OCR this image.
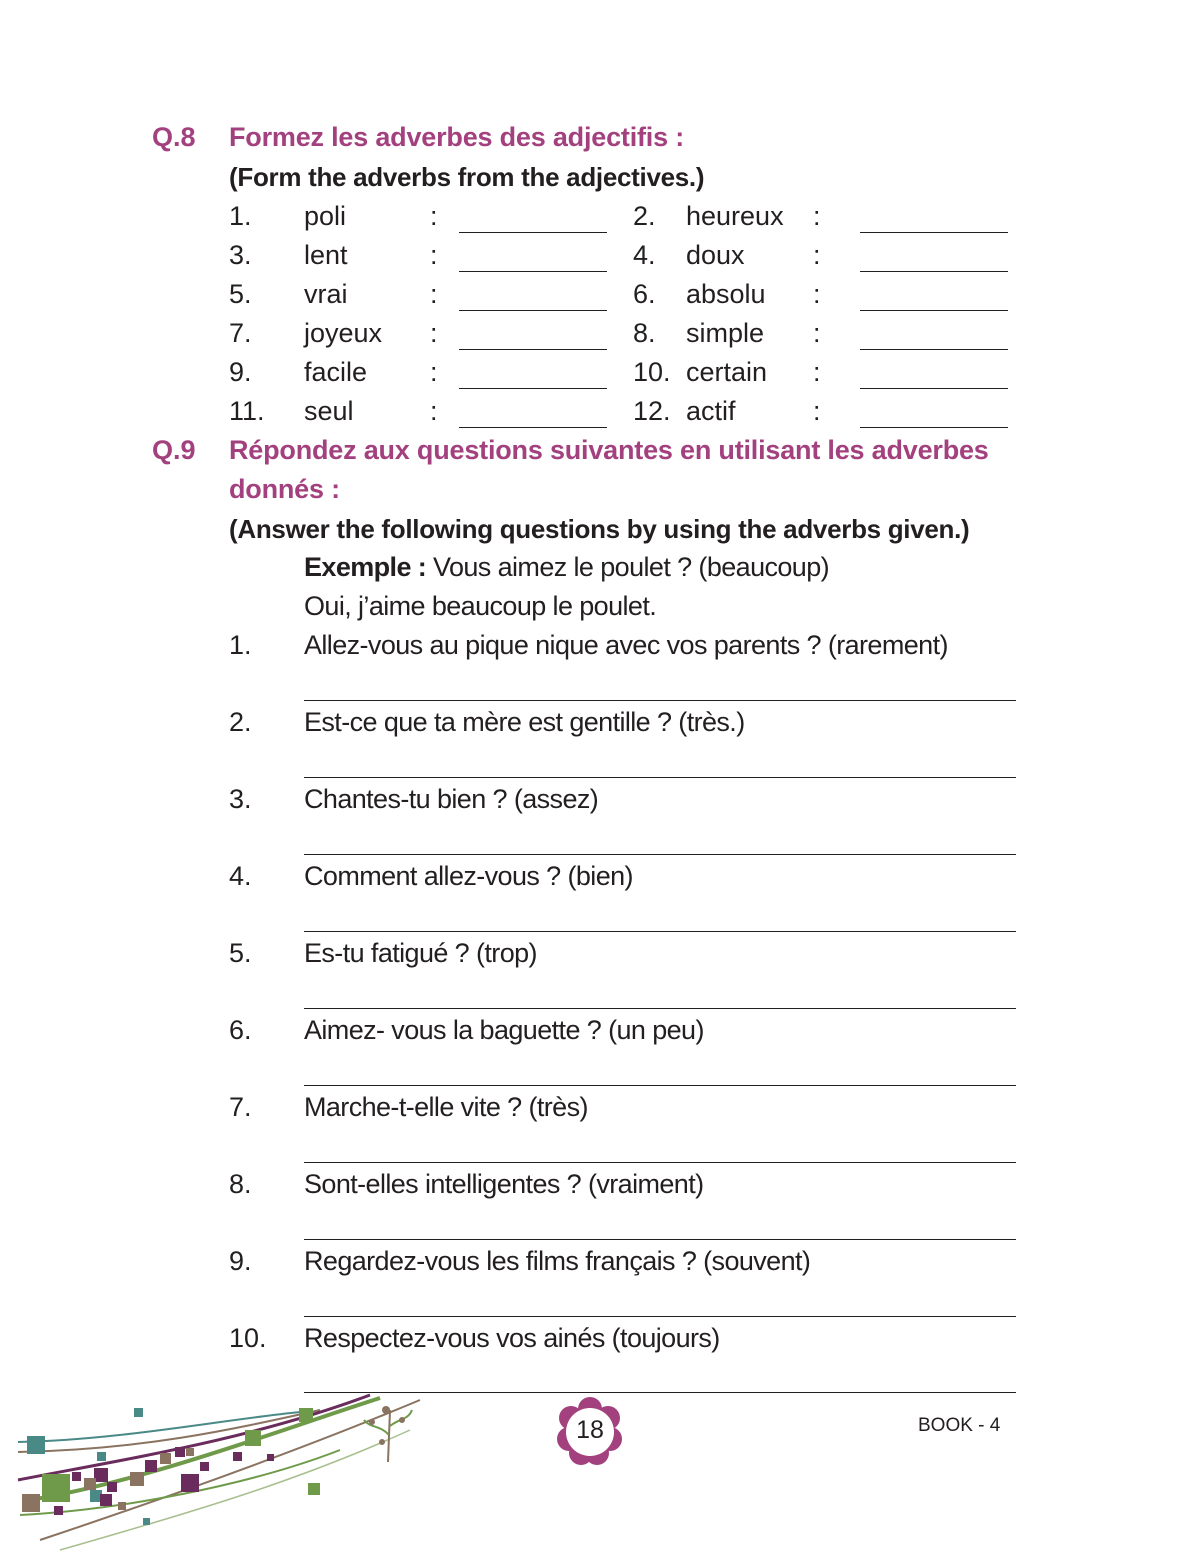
Q.8 Formez les adverbes des adjectifis :
(Form the adverbs from the adjectives.)
1. poli	:	2. heureux :
3. lent	:	4. doux	:
5. vrai	:	6. absolu :
7. joyeux :	8. simple :
9. facile :	10. certain :
11. seul	:	12. actif	:
Q.9 Répondez aux questions suivantes en utilisant les adverbes
donnés :
(Answer the following questions by using the adverbs given.)
Exemple : Vous aimez le poulet ? (beaucoup)
Oui, j’aime beaucoup le poulet.
1. Allez-vous au pique nique avec vos parents ? (rarement)
2. Est-ce que ta mère est gentille ? (très.)
3. Chantes-tu bien ? (assez)
4. Comment allez-vous ? (bien)
5. Es-tu fatigué ? (trop)
6. Aimez- vous la baguette ? (un peu)
7. Marche-t-elle vite ? (très)
8. Sont-elles intelligentes ? (vraiment)
9. Regardez-vous les films français ? (souvent)
10. Respectez-vous vos ainés (toujours)
18	BOOK - 4
